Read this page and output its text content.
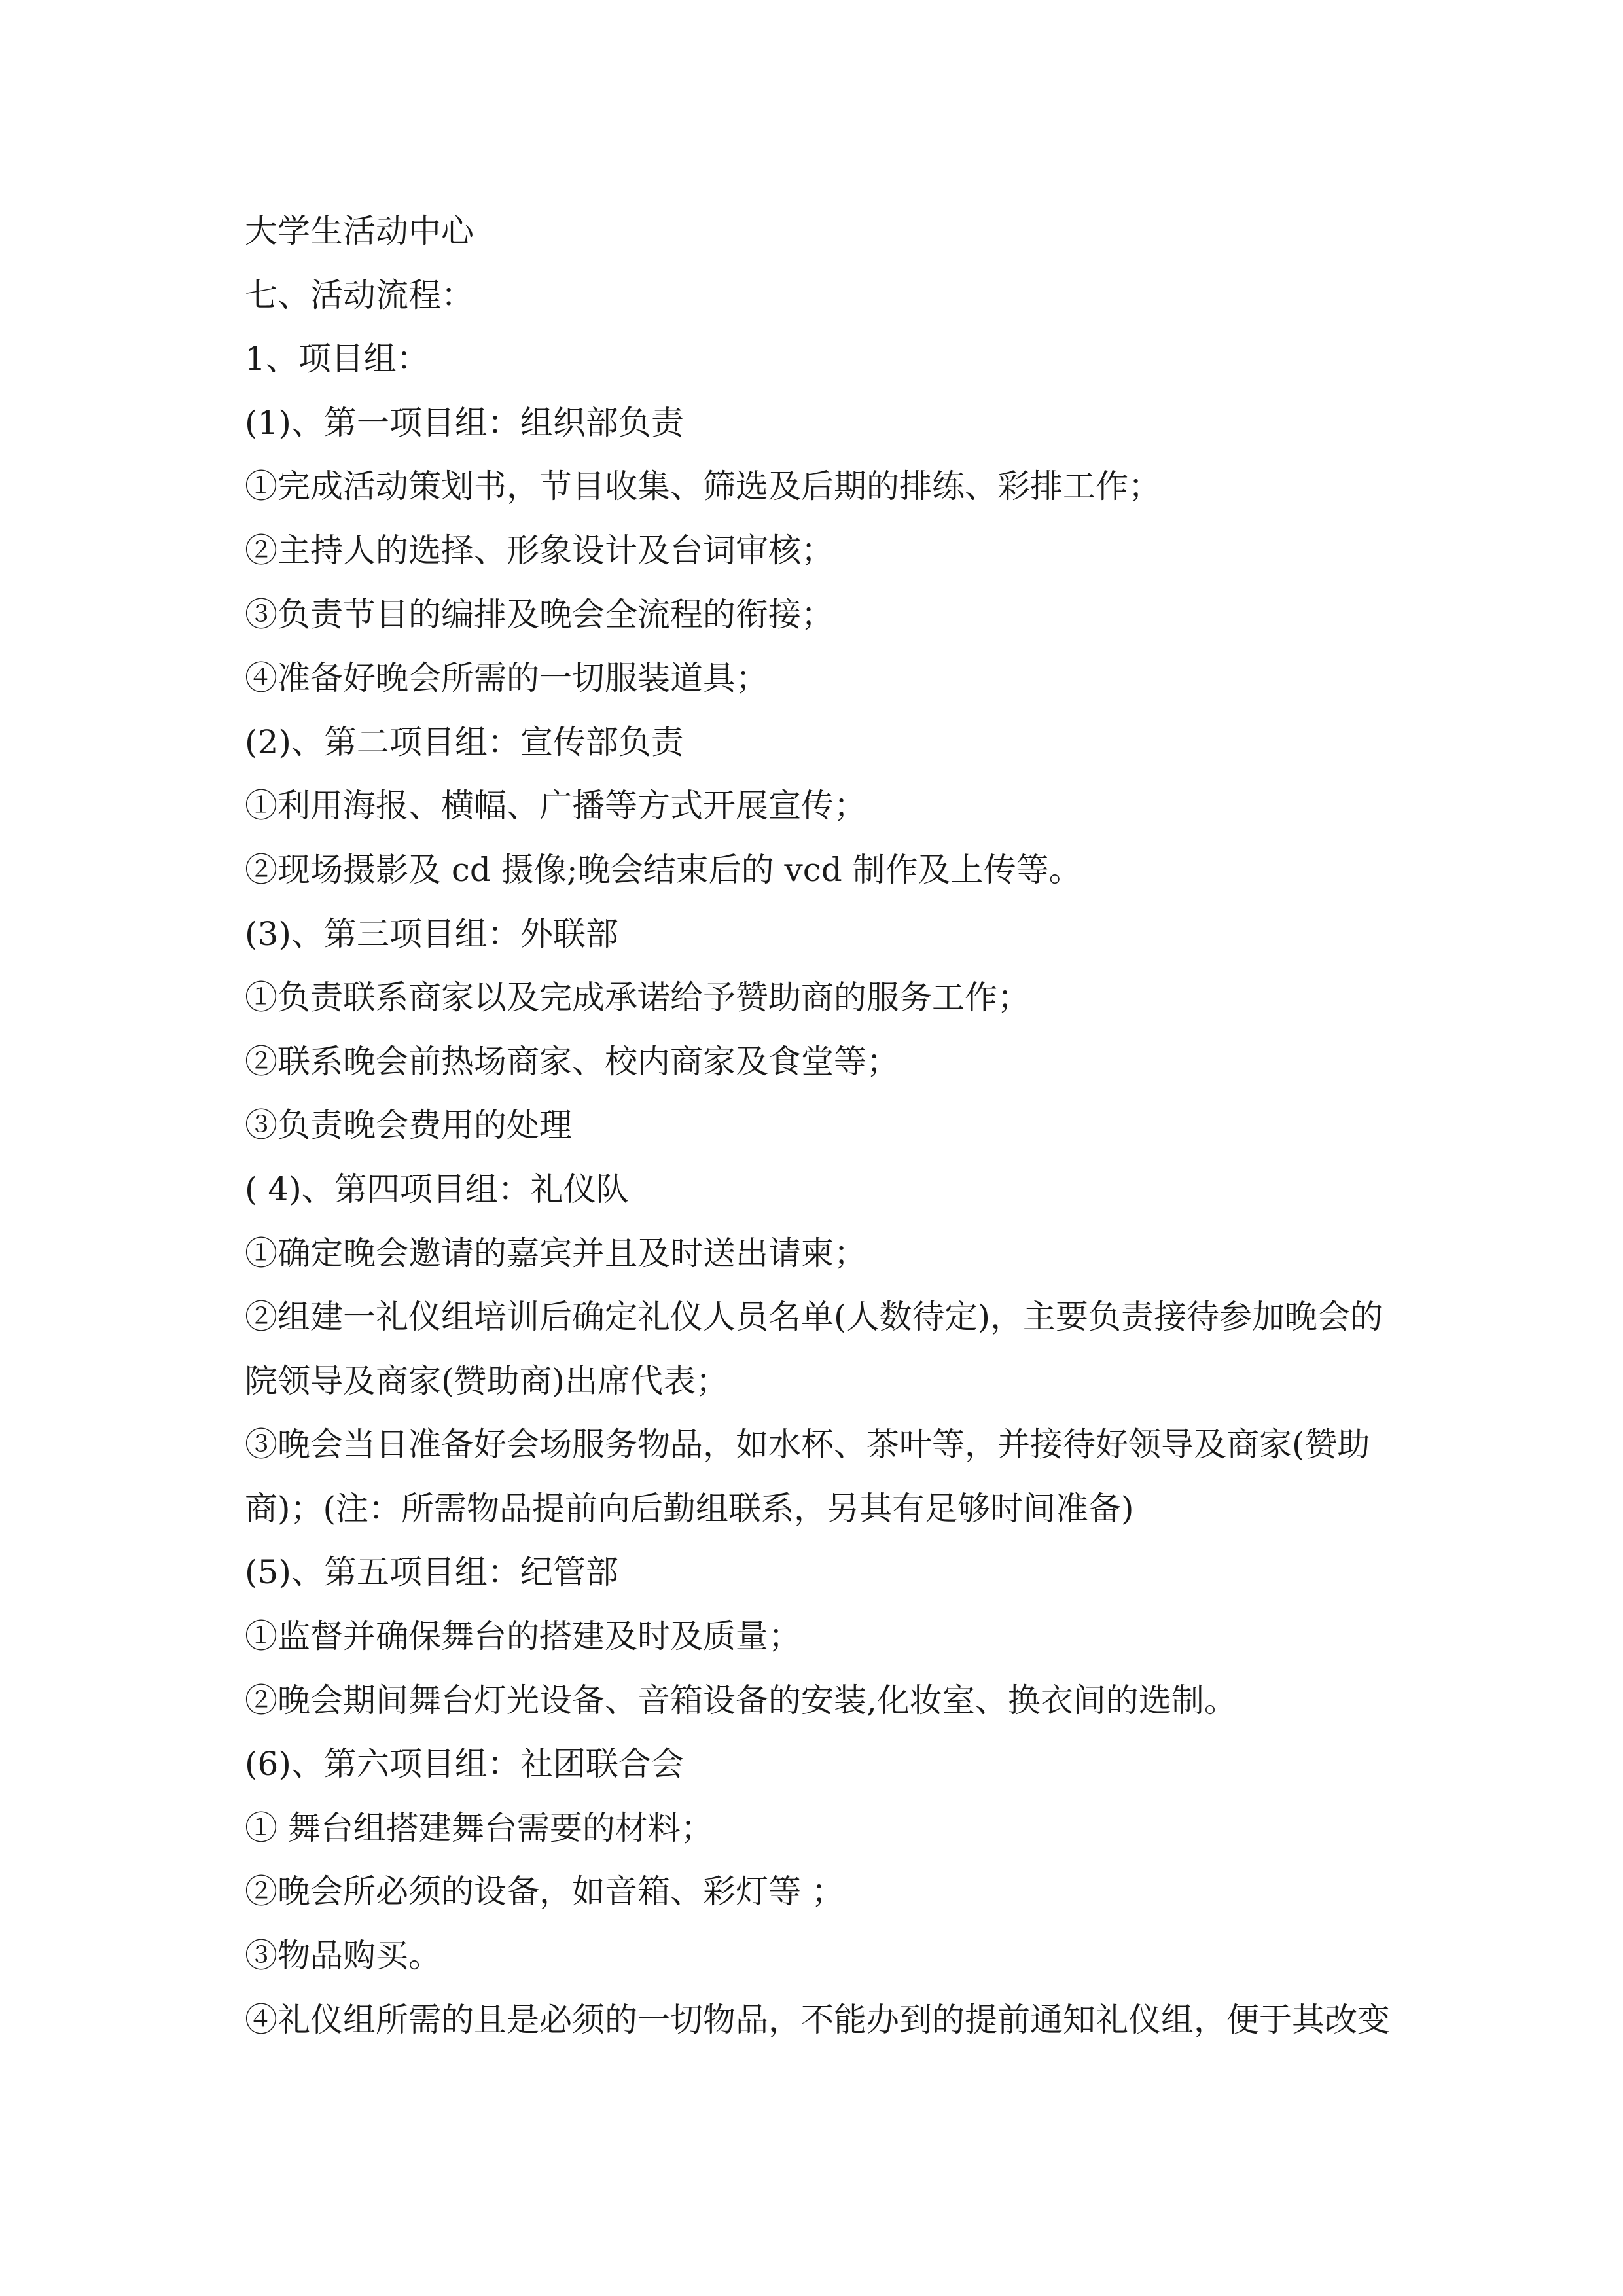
大学生活动中心
七、活动流程：
1、项目组：
(1)、第一项目组：组织部负责
①完成活动策划书，节目收集、筛选及后期的排练、彩排工作；
②主持人的选择、形象设计及台词审核；
③负责节目的编排及晚会全流程的衔接；
④准备好晚会所需的一切服装道具；
(2)、第二项目组：宣传部负责
①利用海报、横幅、广播等方式开展宣传；
②现场摄影及 cd 摄像;晚会结束后的 vcd 制作及上传等。
(3)、第三项目组：外联部
①负责联系商家以及完成承诺给予赞助商的服务工作；
②联系晚会前热场商家、校内商家及食堂等；
③负责晚会费用的处理
( 4)、第四项目组：礼仪队
①确定晚会邀请的嘉宾并且及时送出请柬；
②组建一礼仪组培训后确定礼仪人员名单(人数待定)，主要负责接待参加晚会的
院领导及商家(赞助商)出席代表；
③晚会当日准备好会场服务物品，如水杯、茶叶等，并接待好领导及商家(赞助
商)；(注：所需物品提前向后勤组联系，另其有足够时间准备)
(5)、第五项目组：纪管部
①监督并确保舞台的搭建及时及质量；
②晚会期间舞台灯光设备、音箱设备的安装,化妆室、换衣间的选制。
(6)、第六项目组：社团联合会
① 舞台组搭建舞台需要的材料；
②晚会所必须的设备，如音箱、彩灯等 ；
③物品购买。
④礼仪组所需的且是必须的一切物品，不能办到的提前通知礼仪组，便于其改变
